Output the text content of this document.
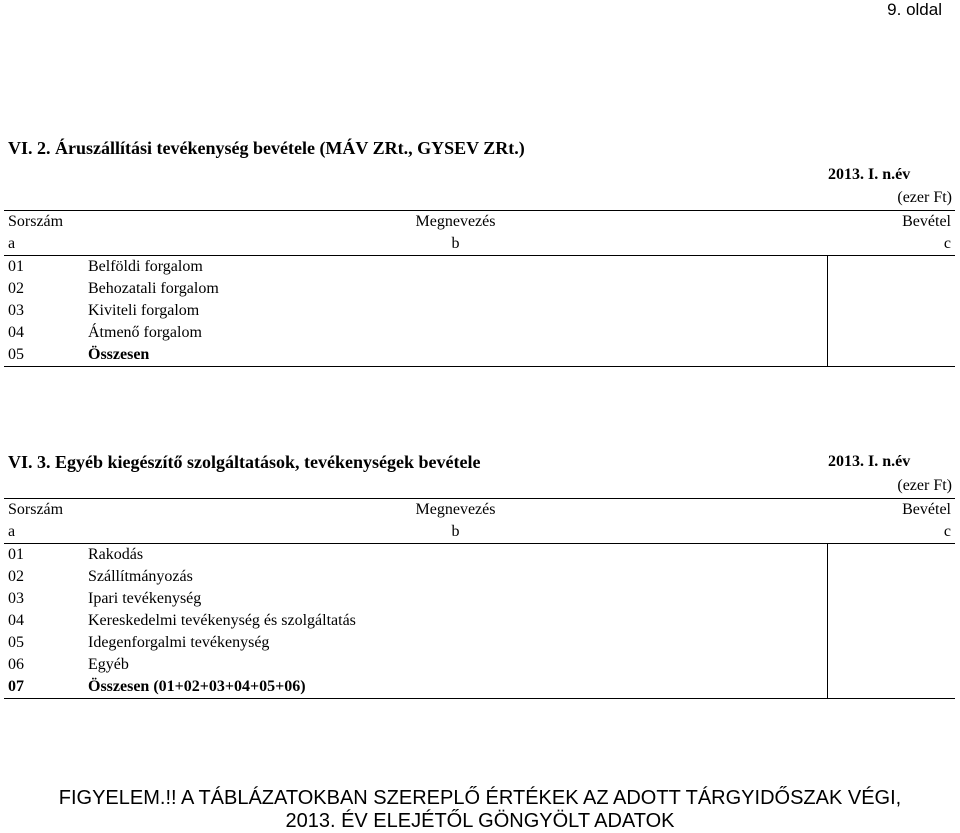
9. oldal
VI. 2. Áruszállítási tevékenység bevétele (MÁV ZRt., GYSEV ZRt.)
2013. I. n.év
(ezer Ft)
Sorszám	Megnevezés	Bevétel
a	b	c
01	Belföldi forgalom	
02	Behozatali forgalom	
03	Kiviteli forgalom	
04	Átmenő forgalom	
05	Összesen	
VI. 3. Egyéb kiegészítő szolgáltatások, tevékenységek bevétele	2013. I. n.év
(ezer Ft)
Sorszám	Megnevezés	Bevétel
a	b	c
01	Rakodás	
02	Szállítmányozás	
03	Ipari tevékenység	
04	Kereskedelmi tevékenység és szolgáltatás	
05	Idegenforgalmi tevékenység	
06	Egyéb	
07	Összesen (01+02+03+04+05+06)	
FIGYELEM.!! A TÁBLÁZATOKBAN SZEREPLŐ ÉRTÉKEK AZ ADOTT TÁRGYIDŐSZAK VÉGI,
2013. ÉV ELEJÉTŐL GÖNGYÖLT ADATOK
